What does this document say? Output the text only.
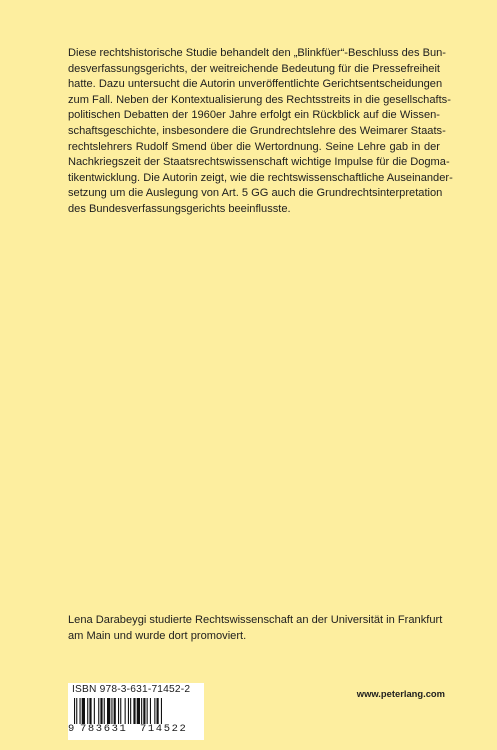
Diese rechtshistorische Studie behandelt den „Blinkfüer“-Beschluss des Bun-
desverfassungsgerichts, der weitreichende Bedeutung für die Pressefreiheit
hatte. Dazu untersucht die Autorin unveröffentlichte Gerichtsentscheidungen
zum Fall. Neben der Kontextualisierung des Rechtsstreits in die gesellschafts-
politischen Debatten der 1960er Jahre erfolgt ein Rückblick auf die Wissen-
schaftsgeschichte, insbesondere die Grundrechtslehre des Weimarer Staats-
rechtslehrers Rudolf Smend über die Wertordnung. Seine Lehre gab in der
Nachkriegszeit der Staatsrechtswissenschaft wichtige Impulse für die Dogma-
tikentwicklung. Die Autorin zeigt, wie die rechtswissenschaftliche Auseinander-
setzung um die Auslegung von Art. 5 GG auch die Grundrechtsinterpretation
des Bundesverfassungsgerichts beeinflusste.
Lena Darabeygi studierte Rechtswissenschaft an der Universität in Frankfurt
am Main und wurde dort promoviert.
ISBN 978-3-631-71452-2
9 783631 714522
www.peterlang.com
